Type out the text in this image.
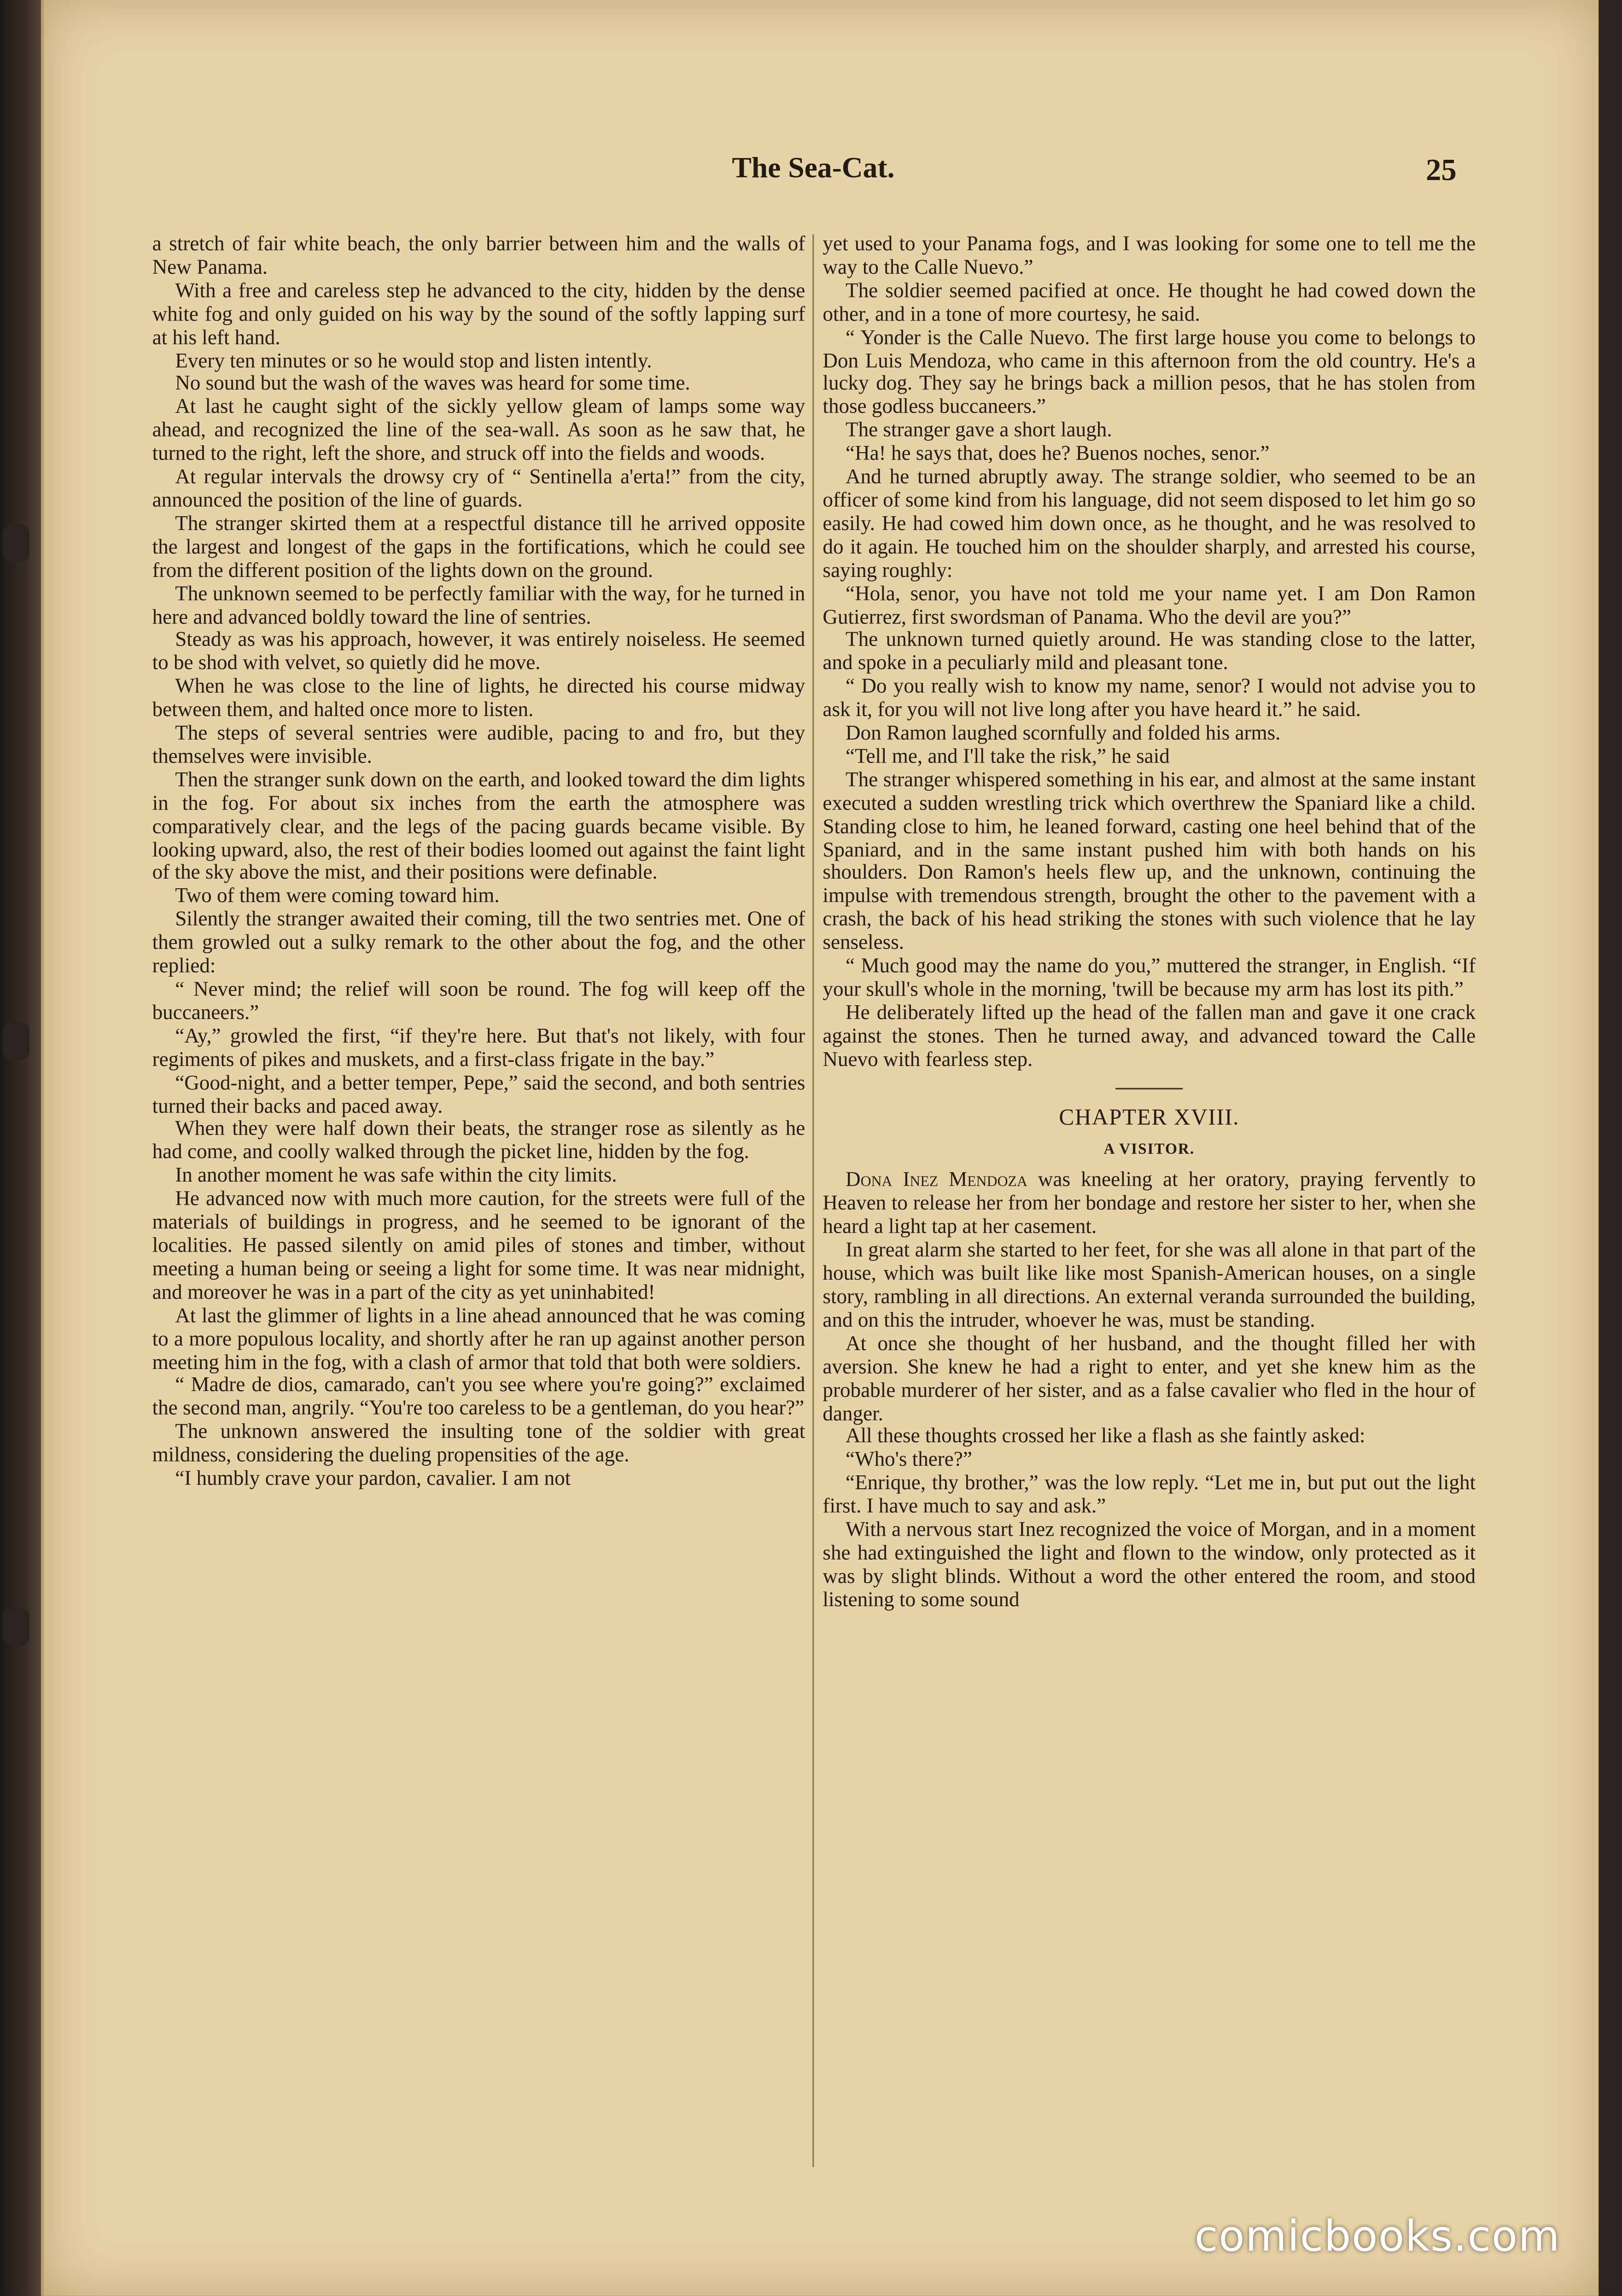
The Sea-Cat.	25

a stretch of fair white beach, the only barrier between him and the walls of New Panama.

With a free and careless step he advanced to the city, hidden by the dense white fog and only guided on his way by the sound of the softly lapping surf at his left hand.

Every ten minutes or so he would stop and listen intently.

No sound but the wash of the waves was heard for some time.

At last he caught sight of the sickly yellow gleam of lamps some way ahead, and recognized the line of the sea-wall. As soon as he saw that, he turned to the right, left the shore, and struck off into the fields and woods.

At regular intervals the drowsy cry of “ Sentinella a'erta!” from the city, announced the position of the line of guards.

The stranger skirted them at a respectful distance till he arrived opposite the largest and longest of the gaps in the fortifications, which he could see from the different position of the lights down on the ground.

The unknown seemed to be perfectly familiar with the way, for he turned in here and advanced boldly toward the line of sentries.

Steady as was his approach, however, it was entirely noiseless. He seemed to be shod with velvet, so quietly did he move.

When he was close to the line of lights, he directed his course midway between them, and halted once more to listen.

The steps of several sentries were audible, pacing to and fro, but they themselves were invisible.

Then the stranger sunk down on the earth, and looked toward the dim lights in the fog. For about six inches from the earth the atmosphere was comparatively clear, and the legs of the pacing guards became visible. By looking upward, also, the rest of their bodies loomed out against the faint light of the sky above the mist, and their positions were definable.

Two of them were coming toward him.

Silently the stranger awaited their coming, till the two sentries met. One of them growled out a sulky remark to the other about the fog, and the other replied:

“ Never mind; the relief will soon be round. The fog will keep off the buccaneers.”

“Ay,” growled the first, “if they're here. But that's not likely, with four regiments of pikes and muskets, and a first-class frigate in the bay.”

“Good-night, and a better temper, Pepe,” said the second, and both sentries turned their backs and paced away.

When they were half down their beats, the stranger rose as silently as he had come, and coolly walked through the picket line, hidden by the fog.

In another moment he was safe within the city limits.

He advanced now with much more caution, for the streets were full of the materials of buildings in progress, and he seemed to be ignorant of the localities. He passed silently on amid piles of stones and timber, without meeting a human being or seeing a light for some time. It was near midnight, and moreover he was in a part of the city as yet uninhabited!

At last the glimmer of lights in a line ahead announced that he was coming to a more populous locality, and shortly after he ran up against another person meeting him in the fog, with a clash of armor that told that both were soldiers.

“ Madre de dios, camarado, can't you see where you're going?” exclaimed the second man, angrily. “You're too careless to be a gentleman, do you hear?”

The unknown answered the insulting tone of the soldier with great mildness, considering the dueling propensities of the age.

“I humbly crave your pardon, cavalier. I am not

yet used to your Panama fogs, and I was looking for some one to tell me the way to the Calle Nuevo.”

The soldier seemed pacified at once. He thought he had cowed down the other, and in a tone of more courtesy, he said.

“ Yonder is the Calle Nuevo. The first large house you come to belongs to Don Luis Mendoza, who came in this afternoon from the old country. He's a lucky dog. They say he brings back a million pesos, that he has stolen from those godless buccaneers.”

The stranger gave a short laugh.

“Ha! he says that, does he? Buenos noches, senor.”

And he turned abruptly away. The strange soldier, who seemed to be an officer of some kind from his language, did not seem disposed to let him go so easily. He had cowed him down once, as he thought, and he was resolved to do it again. He touched him on the shoulder sharply, and arrested his course, saying roughly:

“Hola, senor, you have not told me your name yet. I am Don Ramon Gutierrez, first swordsman of Panama. Who the devil are you?”

The unknown turned quietly around. He was standing close to the latter, and spoke in a peculiarly mild and pleasant tone.

“ Do you really wish to know my name, senor? I would not advise you to ask it, for you will not live long after you have heard it.” he said.

Don Ramon laughed scornfully and folded his arms.

“Tell me, and I'll take the risk,” he said

The stranger whispered something in his ear, and almost at the same instant executed a sudden wrestling trick which overthrew the Spaniard like a child. Standing close to him, he leaned forward, casting one heel behind that of the Spaniard, and in the same instant pushed him with both hands on his shoulders. Don Ramon's heels flew up, and the unknown, continuing the impulse with tremendous strength, brought the other to the pavement with a crash, the back of his head striking the stones with such violence that he lay senseless.

“ Much good may the name do you,” muttered the stranger, in English. “If your skull's whole in the morning, 'twill be because my arm has lost its pith.”

He deliberately lifted up the head of the fallen man and gave it one crack against the stones. Then he turned away, and advanced toward the Calle Nuevo with fearless step.

CHAPTER XVIII.
A VISITOR.

Dona Inez Mendoza was kneeling at her oratory, praying fervently to Heaven to release her from her bondage and restore her sister to her, when she heard a light tap at her casement.

In great alarm she started to her feet, for she was all alone in that part of the house, which was built like like most Spanish-American houses, on a single story, rambling in all directions. An external veranda surrounded the building, and on this the intruder, whoever he was, must be standing.

At once she thought of her husband, and the thought filled her with aversion. She knew he had a right to enter, and yet she knew him as the probable murderer of her sister, and as a false cavalier who fled in the hour of danger.

All these thoughts crossed her like a flash as she faintly asked:

“Who's there?”

“Enrique, thy brother,” was the low reply. “Let me in, but put out the light first. I have much to say and ask.”

With a nervous start Inez recognized the voice of Morgan, and in a moment she had extinguished the light and flown to the window, only protected as it was by slight blinds. Without a word the other entered the room, and stood listening to some sound

comicbooks.com
